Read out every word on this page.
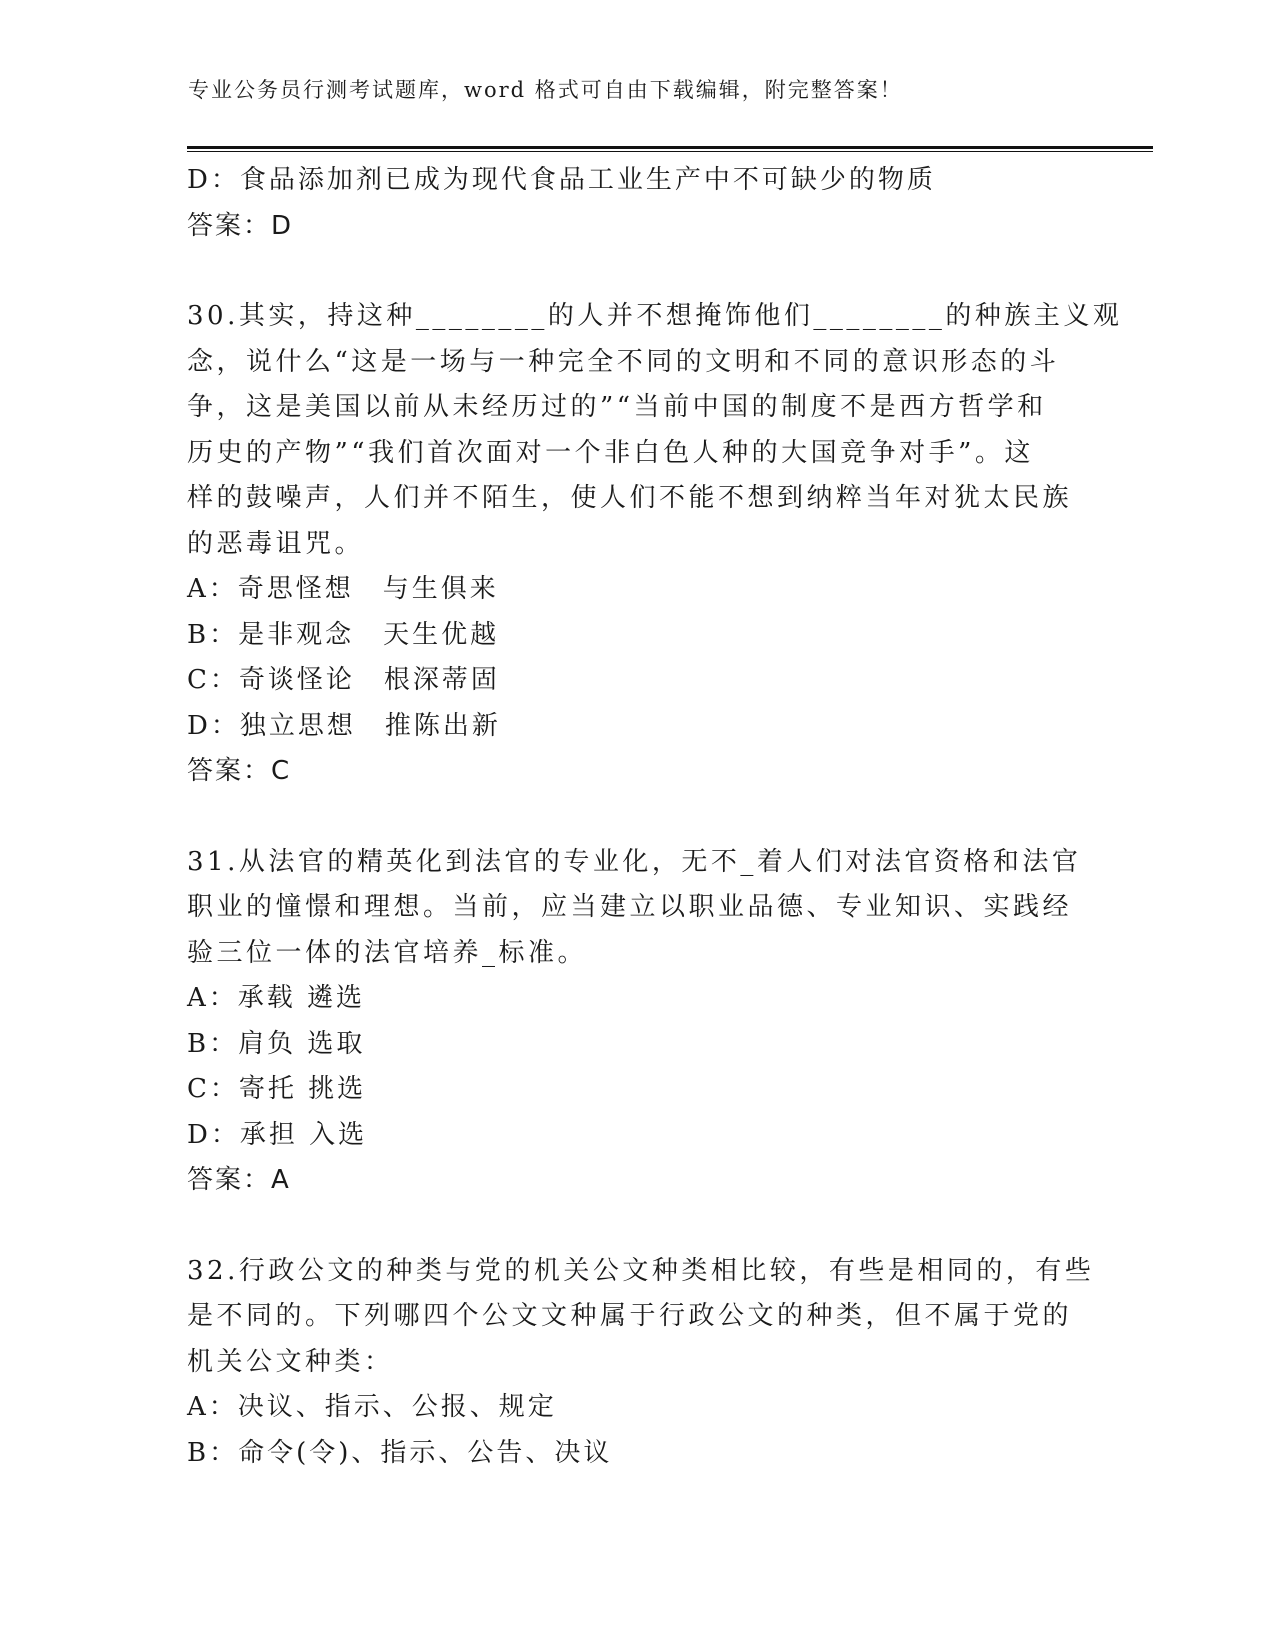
专业公务员行测考试题库，word 格式可自由下载编辑，附完整答案！
D：食品添加剂已成为现代食品工业生产中不可缺少的物质
答案：D
30.其实，持这种________的人并不想掩饰他们________的种族主义观
念，说什么“这是一场与一种完全不同的文明和不同的意识形态的斗
争，这是美国以前从未经历过的”“当前中国的制度不是西方哲学和
历史的产物”“我们首次面对一个非白色人种的大国竞争对手”。这
样的鼓噪声，人们并不陌生，使人们不能不想到纳粹当年对犹太民族
的恶毒诅咒。
A：奇思怪想　与生俱来
B：是非观念　天生优越
C：奇谈怪论　根深蒂固
D：独立思想　推陈出新
答案：C
31.从法官的精英化到法官的专业化，无不_着人们对法官资格和法官
职业的憧憬和理想。当前，应当建立以职业品德、专业知识、实践经
验三位一体的法官培养_标准。
A：承载 遴选
B：肩负 选取
C：寄托 挑选
D：承担 入选
答案：A
32.行政公文的种类与党的机关公文种类相比较，有些是相同的，有些
是不同的。下列哪四个公文文种属于行政公文的种类，但不属于党的
机关公文种类：
A：决议、指示、公报、规定
B：命令(令)、指示、公告、决议
